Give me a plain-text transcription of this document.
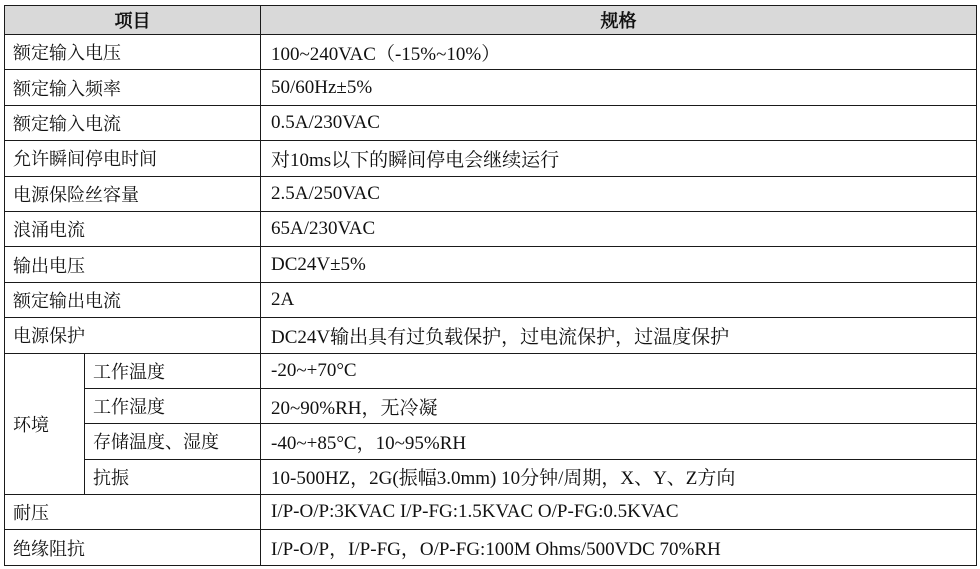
项目		规格
额定输入电压		100~240VAC（-15%~10%）
额定输入频率		50/60Hz±5%
额定输入电流		0.5A/230VAC
允许瞬间停电时间		对10ms以下的瞬间停电会继续运行
电源保险丝容量		2.5A/250VAC
浪涌电流		65A/230VAC
输出电压		DC24V±5%
额定输出电流		2A
电源保护		DC24V输出具有过负载保护，过电流保护，过温度保护
环境	工作温度	-20~+70°C
	工作湿度	20~90%RH，无冷凝
	存储温度、湿度	-40~+85°C，10~95%RH
	抗振	10-500HZ，2G(振幅3.0mm) 10分钟/周期，X、Y、Z方向
耐压		I/P-O/P:3KVAC I/P-FG:1.5KVAC O/P-FG:0.5KVAC
绝缘阻抗		I/P-O/P，I/P-FG，O/P-FG:100M Ohms/500VDC 70%RH
